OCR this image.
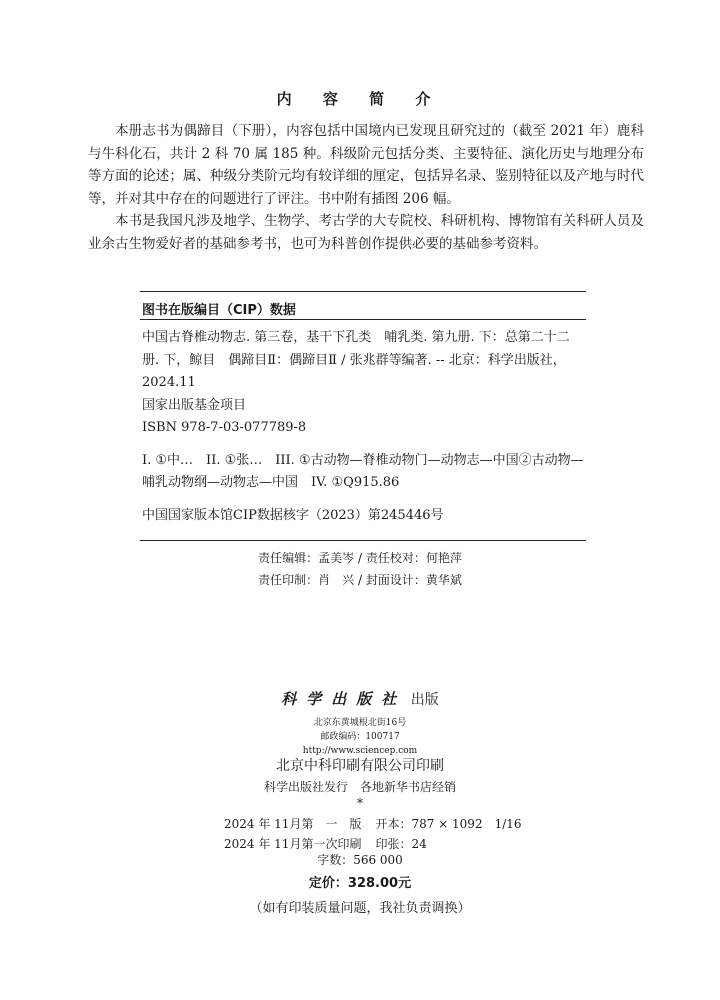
内 容 简 介

本册志书为偶蹄目（下册），内容包括中国境内已发现且研究过的（截至 2021 年）鹿科与牛科化石，共计 2 科 70 属 185 种。科级阶元包括分类、主要特征、演化历史与地理分布等方面的论述；属、种级分类阶元均有较详细的厘定，包括异名录、鉴别特征以及产地与时代等，并对其中存在的问题进行了评注。书中附有插图 206 幅。

本书是我国凡涉及地学、生物学、考古学的大专院校、科研机构、博物馆有关科研人员及业余古生物爱好者的基础参考书，也可为科普创作提供必要的基础参考资料。

图书在版编目（CIP）数据
中国古脊椎动物志. 第三卷，基干下孔类　哺乳类. 第九册. 下：总第二十二册. 下，鲸目　偶蹄目Ⅱ：偶蹄目Ⅱ / 张兆群等编著. -- 北京：科学出版社，2024.11
国家出版基金项目
ISBN 978-7-03-077789-8
I. ①中…　II. ①张…　III. ①古动物—脊椎动物门—动物志—中国②古动物—哺乳动物纲—动物志—中国　IV. ①Q915.86
中国国家版本馆CIP数据核字（2023）第245446号
责任编辑：孟美岑 / 责任校对：何艳萍
责任印制：肖　兴 / 封面设计：黄华斌
科学出版社 出版
北京东黄城根北街16号
邮政编码：100717
http://www.sciencep.com
北京中科印刷有限公司印刷
科学出版社发行　各地新华书店经销
*
2024 年 11月第　一　版 开本：787 × 1092　1/16
2024 年 11月第一次印刷 印张：24
字数：566 000
定价：328.00元
（如有印装质量问题，我社负责调换）
